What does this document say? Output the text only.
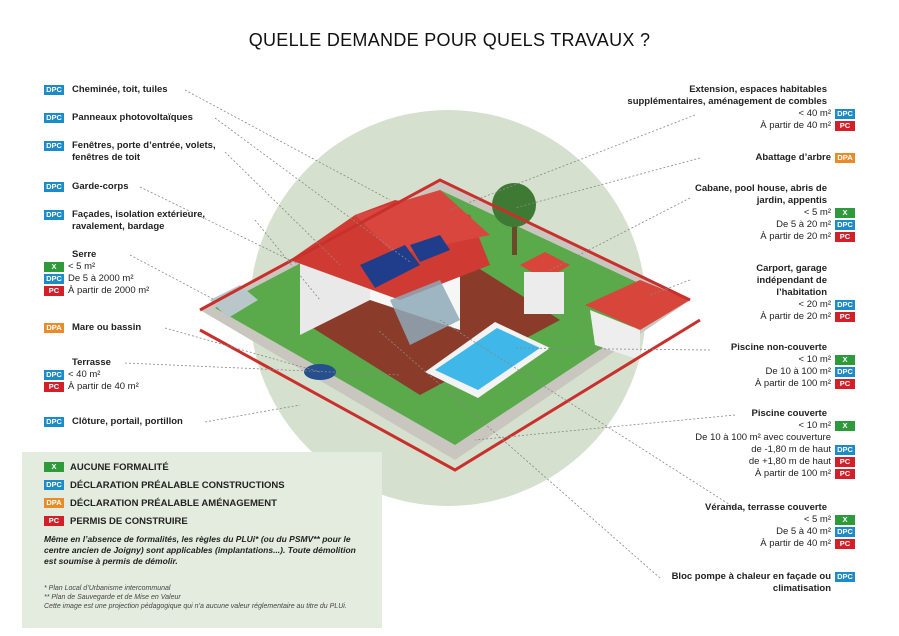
QUELLE DEMANDE POUR QUELS TRAVAUX ?
DPC Cheminée, toit, tuiles
DPC Panneaux photovoltaïques
DPC Fenêtres, porte d’entrée, volets, fenêtres de toit
DPC Garde-corps
DPC Façades, isolation extérieure, ravalement, bardage
Serre
X	< 5 m²
DPC De 5 à 2000 m²
PC À partir de 2000 m²
DPA Mare ou bassin
Terrasse
DPC < 40 m²
PC À partir de 40 m²
DPC Clôture, portail, portillon
Extension, espaces habitables supplémentaires, aménagement de combles
< 40 m² DPC
À partir de 40 m²	PC
Abattage d’arbre DPA
Cabane, pool house, abris de jardin, appentis
< 5 m²	X
De 5 à 20 m² DPC
À partir de 20 m²	PC
Carport, garage indépendant de l’habitation
< 20 m² DPC
À partir de 20 m²	PC
Piscine non-couverte
< 10 m²	X
De 10 à 100 m² DPC
À partir de 100 m²	PC
Piscine couverte
< 10 m²	X
De 10 à 100 m² avec couverture
de -1,80 m de haut DPC
de +1,80 m de haut	PC
À partir de 100 m²	PC
Véranda, terrasse couverte
< 5 m²	X
De 5 à 40 m² DPC
À partir de 40 m²	PC
Bloc pompe à chaleur en façade ou climatisation
DPC
X	AUCUNE FORMALITÉ
DPC DÉCLARATION PRÉALABLE CONSTRUCTIONS
DPA DÉCLARATION PRÉALABLE AMÉNAGEMENT
PC	PERMIS DE CONSTRUIRE
Même en l’absence de formalités, les règles du PLUi* (ou du PSMV** pour le centre ancien de Joigny) sont applicables (implantations...). Toute démolition est soumise à permis de démolir.
* Plan Local d’Urbanisme intercommunal
** Plan de Sauvegarde et de Mise en Valeur
Cette image est une projection pédagogique qui n’a aucune valeur réglementaire au titre du PLUi.
